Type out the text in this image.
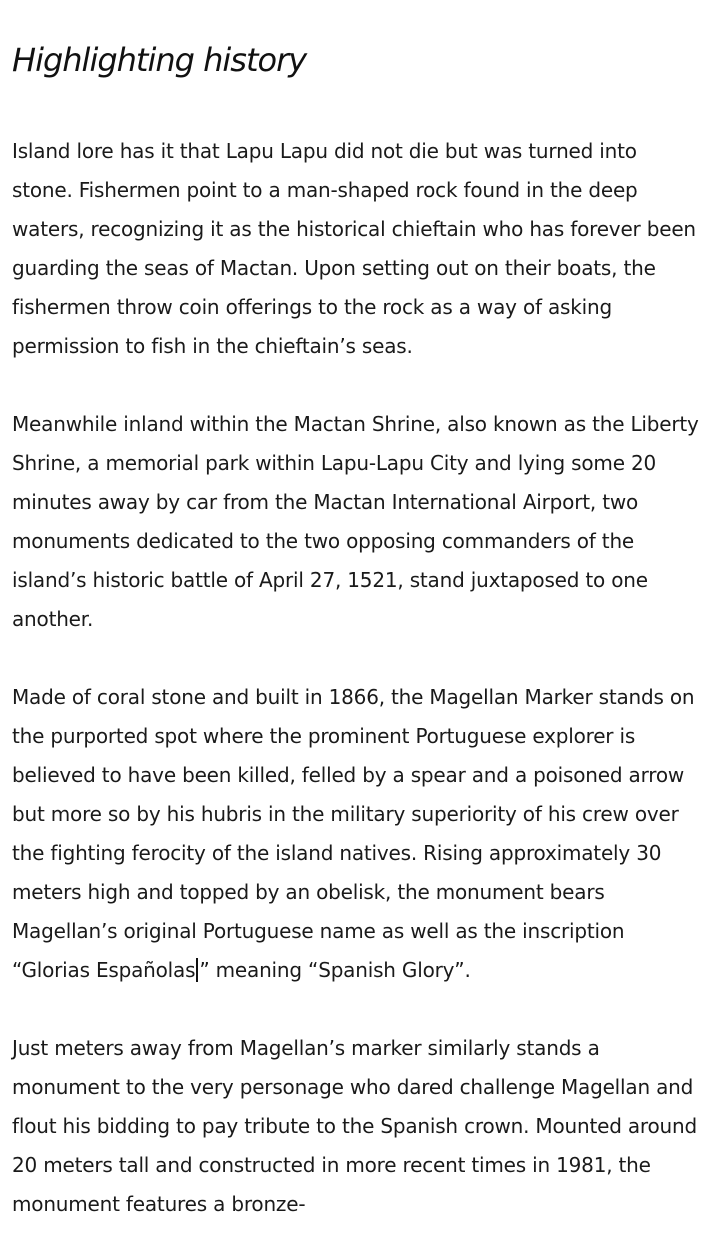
Highlighting history

Island lore has it that Lapu Lapu did not die but was turned into stone. Fishermen point to a man-shaped rock found in the deep waters, recognizing it as the historical chieftain who has forever been guarding the seas of Mactan. Upon setting out on their boats, the fishermen throw coin offerings to the rock as a way of asking permission to fish in the chieftain’s seas.

Meanwhile inland within the Mactan Shrine, also known as the Liberty Shrine, a memorial park within Lapu-Lapu City and lying some 20 minutes away by car from the Mactan International Airport, two monuments dedicated to the two opposing commanders of the island’s historic battle of April 27, 1521, stand juxtaposed to one another.

Made of coral stone and built in 1866, the Magellan Marker stands on the purported spot where the prominent Portuguese explorer is believed to have been killed, felled by a spear and a poisoned arrow but more so by his hubris in the military superiority of his crew over the fighting ferocity of the island natives. Rising approximately 30 meters high and topped by an obelisk, the monument bears Magellan’s original Portuguese name as well as the inscription “Glorias Españolas ” meaning “Spanish Glory”.

Just meters away from Magellan’s marker similarly stands a monument to the very personage who dared challenge Magellan and flout his bidding to pay tribute to the Spanish crown. Mounted around 20 meters tall and constructed in more recent times in 1981, the monument features a bronze-
